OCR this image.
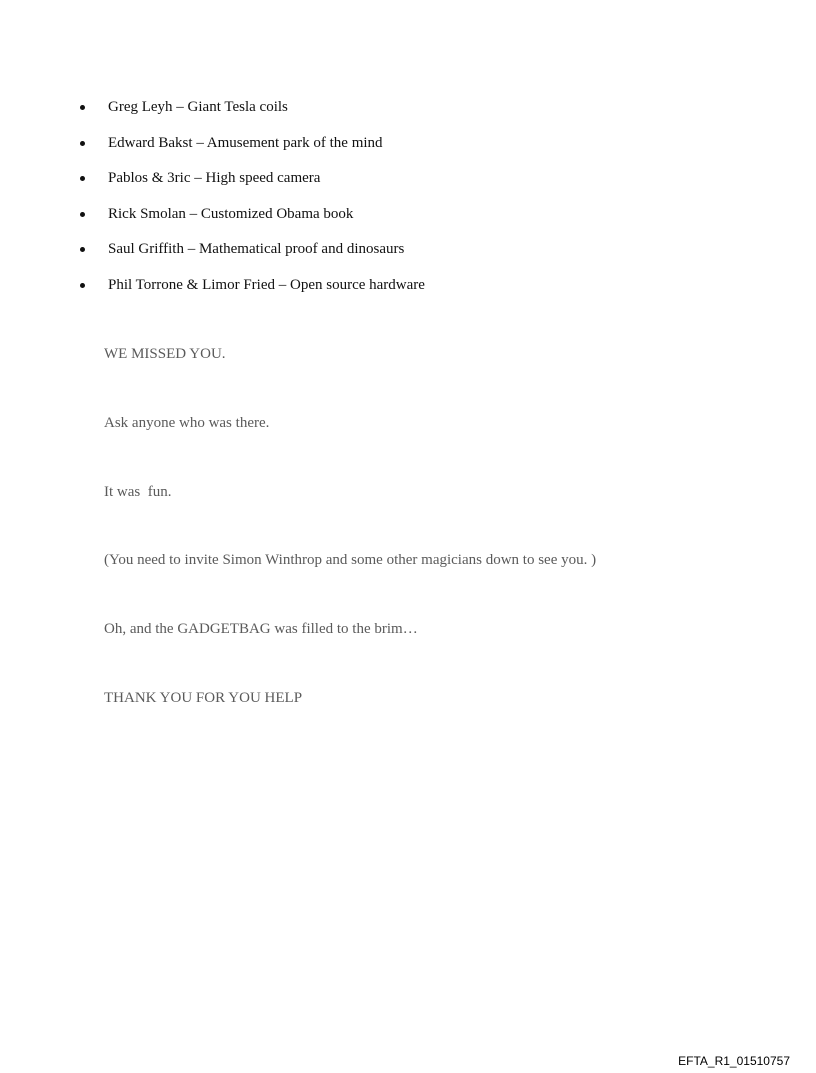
Greg Leyh – Giant Tesla coils
Edward Bakst – Amusement park of the mind
Pablos & 3ric – High speed camera
Rick Smolan – Customized Obama book
Saul Griffith – Mathematical proof and dinosaurs
Phil Torrone & Limor Fried – Open source hardware

WE MISSED YOU.

Ask anyone who was there.

It was  fun.

(You need to invite Simon Winthrop and some other magicians down to see you. )

Oh, and the GADGETBAG was filled to the brim…

THANK YOU FOR YOU HELP

EFTA_R1_01510757
